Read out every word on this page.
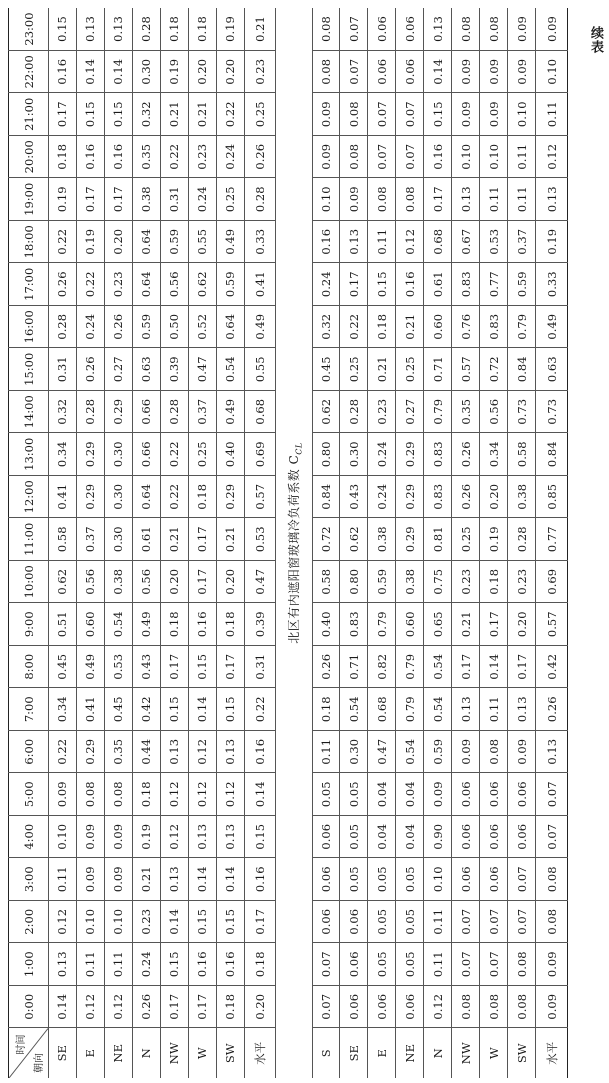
续表
时间
朝向	0:00	1:00	2:00	3:00	4:00	5:00	6:00	7:00	8:00	9:00	10:00	11:00	12:00	13:00	14:00	15:00	16:00	17:00	18:00	19:00	20:00	21:00	22:00	23:00
SE	0.14	0.13	0.12	0.11	0.10	0.09	0.22	0.34	0.45	0.51	0.62	0.58	0.41	0.34	0.32	0.31	0.28	0.26	0.22	0.19	0.18	0.17	0.16	0.15
E	0.12	0.11	0.10	0.09	0.09	0.08	0.29	0.41	0.49	0.60	0.56	0.37	0.29	0.29	0.28	0.26	0.24	0.22	0.19	0.17	0.16	0.15	0.14	0.13
NE	0.12	0.11	0.10	0.09	0.09	0.08	0.35	0.45	0.53	0.54	0.38	0.30	0.30	0.30	0.29	0.27	0.26	0.23	0.20	0.17	0.16	0.15	0.14	0.13
N	0.26	0.24	0.23	0.21	0.19	0.18	0.44	0.42	0.43	0.49	0.56	0.61	0.64	0.66	0.66	0.63	0.59	0.64	0.64	0.38	0.35	0.32	0.30	0.28
NW	0.17	0.15	0.14	0.13	0.12	0.12	0.13	0.15	0.17	0.18	0.20	0.21	0.22	0.22	0.28	0.39	0.50	0.56	0.59	0.31	0.22	0.21	0.19	0.18
W	0.17	0.16	0.15	0.14	0.13	0.12	0.12	0.14	0.15	0.16	0.17	0.17	0.18	0.25	0.37	0.47	0.52	0.62	0.55	0.24	0.23	0.21	0.20	0.18
SW	0.18	0.16	0.15	0.14	0.13	0.12	0.13	0.15	0.17	0.18	0.20	0.21	0.29	0.40	0.49	0.54	0.64	0.59	0.49	0.25	0.24	0.22	0.20	0.19
水平	0.20	0.18	0.17	0.16	0.15	0.14	0.16	0.22	0.31	0.39	0.47	0.53	0.57	0.69	0.68	0.55	0.49	0.41	0.33	0.28	0.26	0.25	0.23	0.21
北区有内遮阳窗玻璃冷负荷系数 $C_{CL}$
S	0.07	0.07	0.06	0.06	0.06	0.05	0.11	0.18	0.26	0.40	0.58	0.72	0.84	0.80	0.62	0.45	0.32	0.24	0.16	0.10	0.09	0.09	0.08	0.08
SE	0.06	0.06	0.06	0.05	0.05	0.05	0.30	0.54	0.71	0.83	0.80	0.62	0.43	0.30	0.28	0.25	0.22	0.17	0.13	0.09	0.08	0.08	0.07	0.07
E	0.06	0.05	0.05	0.05	0.04	0.04	0.47	0.68	0.82	0.79	0.59	0.38	0.24	0.24	0.23	0.21	0.18	0.15	0.11	0.08	0.07	0.07	0.06	0.06
NE	0.06	0.05	0.05	0.05	0.04	0.04	0.54	0.79	0.79	0.60	0.38	0.29	0.29	0.29	0.27	0.25	0.21	0.16	0.12	0.08	0.07	0.07	0.06	0.06
N	0.12	0.11	0.11	0.10	0.90	0.09	0.59	0.54	0.54	0.65	0.75	0.81	0.83	0.83	0.79	0.71	0.60	0.61	0.68	0.17	0.16	0.15	0.14	0.13
NW	0.08	0.07	0.07	0.06	0.06	0.06	0.09	0.13	0.17	0.21	0.23	0.25	0.26	0.26	0.35	0.57	0.76	0.83	0.67	0.13	0.10	0.09	0.09	0.08
W	0.08	0.07	0.07	0.06	0.06	0.06	0.08	0.11	0.14	0.17	0.18	0.19	0.20	0.34	0.56	0.72	0.83	0.77	0.53	0.11	0.10	0.09	0.09	0.08
SW	0.08	0.08	0.07	0.07	0.06	0.06	0.09	0.13	0.17	0.20	0.23	0.28	0.38	0.58	0.73	0.84	0.79	0.59	0.37	0.11	0.11	0.10	0.09	0.09
水平	0.09	0.09	0.08	0.08	0.07	0.07	0.13	0.26	0.42	0.57	0.69	0.77	0.85	0.84	0.73	0.63	0.49	0.33	0.19	0.13	0.12	0.11	0.10	0.09
